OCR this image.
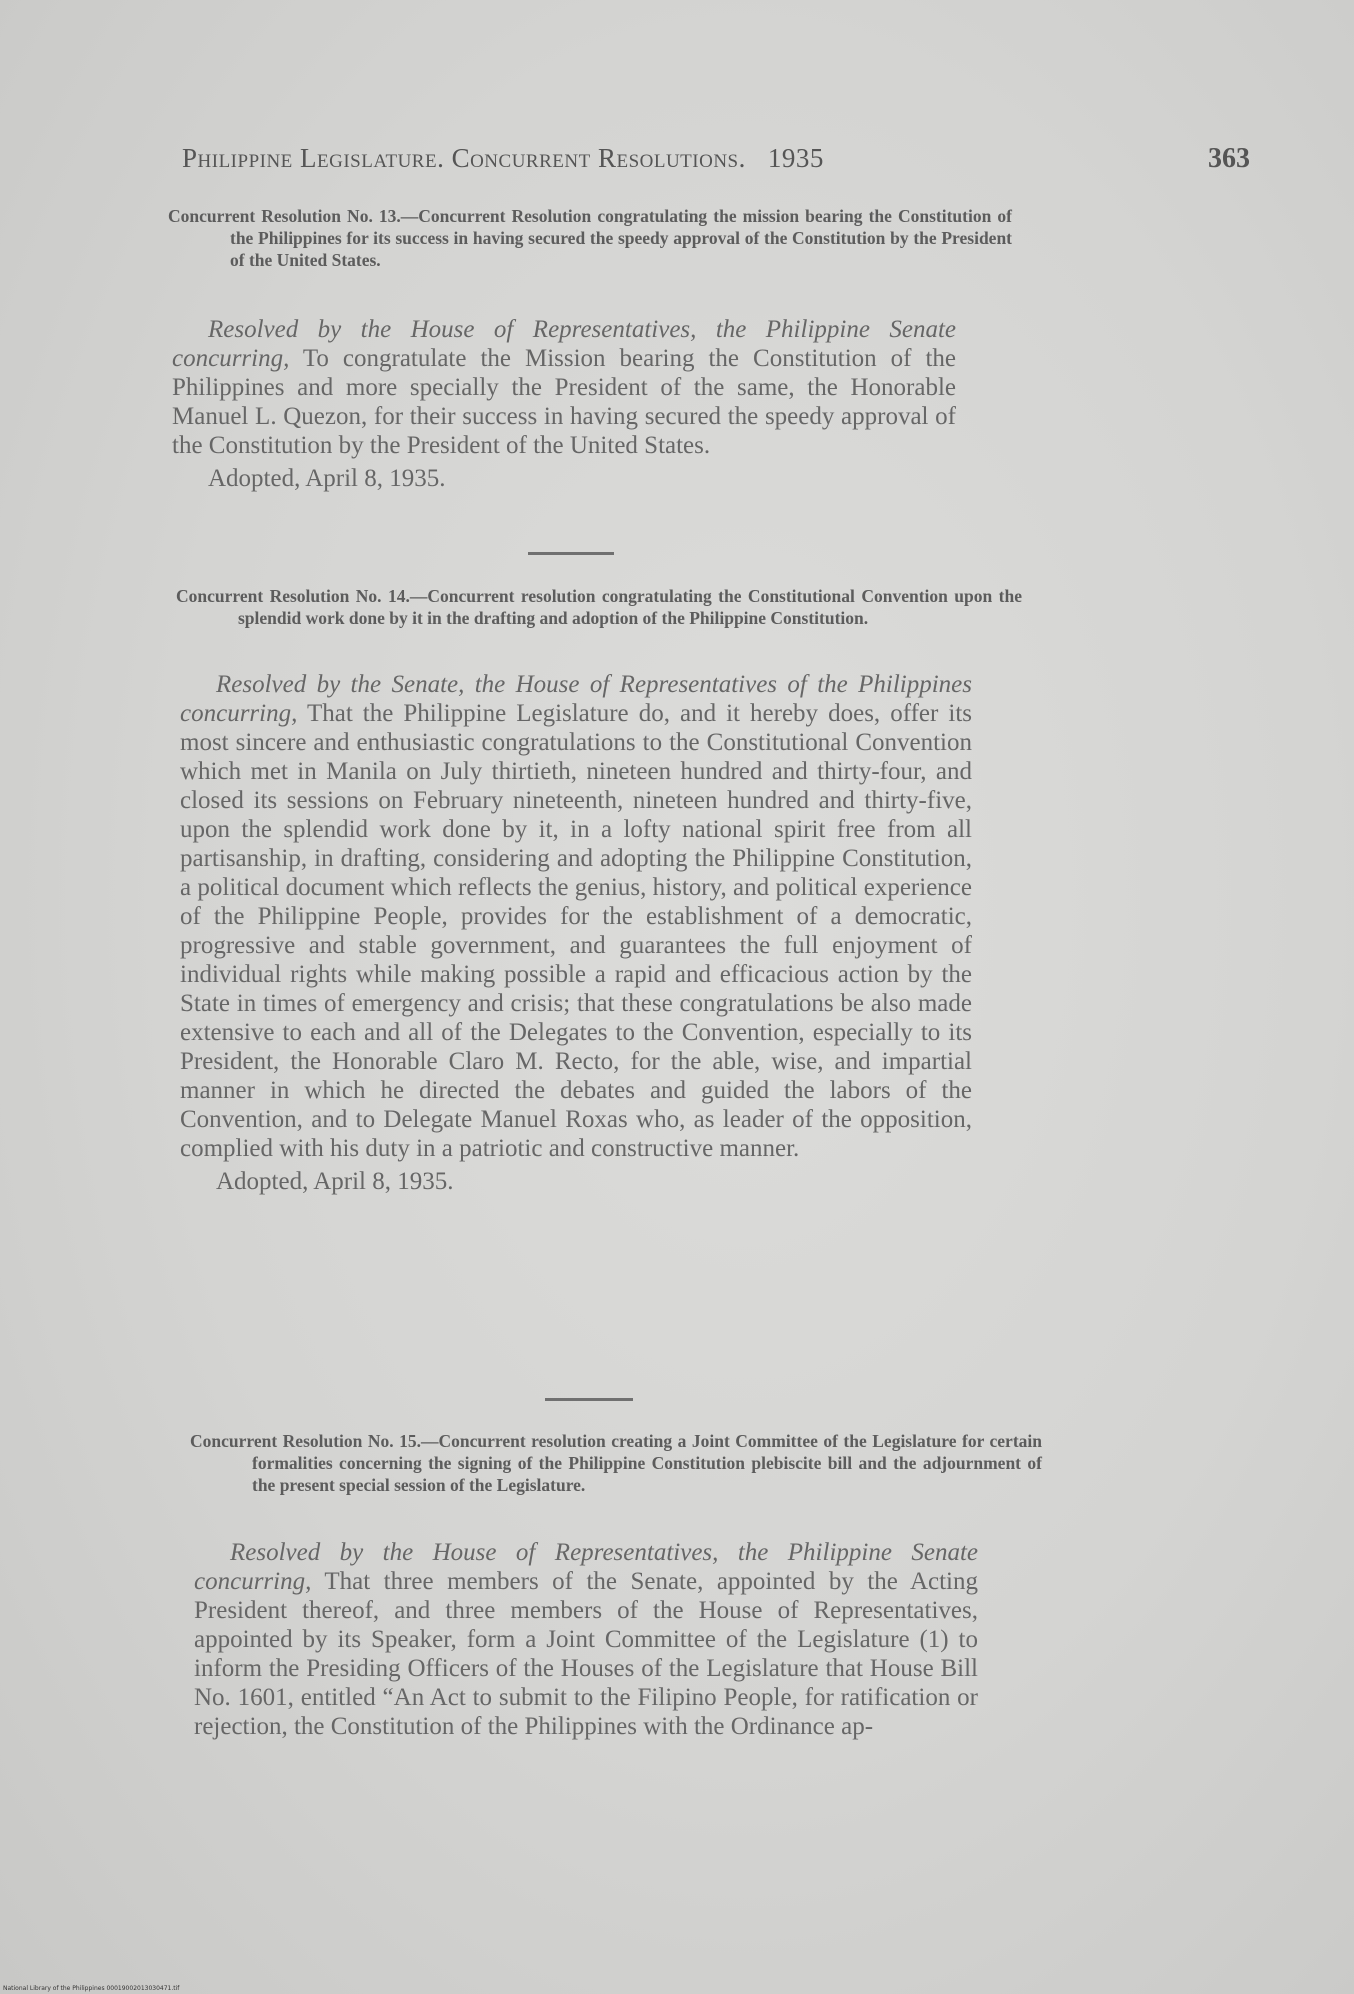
Philippine Legislature. Concurrent Resolutions. 1935	363
Concurrent Resolution No. 13.—Concurrent Resolution congratulating the mission bearing the Constitution of the Philippines for its success in having secured the speedy approval of the Constitution by the President of the United States.

Resolved by the House of Representatives, the Philippine Senate concurring, To congratulate the Mission bearing the Constitution of the Philippines and more specially the President of the same, the Honorable Manuel L. Quezon, for their success in having secured the speedy approval of the Constitution by the President of the United States.

Adopted, April 8, 1935.

Concurrent Resolution No. 14.—Concurrent resolution congratulating the Constitutional Convention upon the splendid work done by it in the drafting and adoption of the Philippine Constitution.

Resolved by the Senate, the House of Representatives of the Philippines concurring, That the Philippine Legislature do, and it hereby does, offer its most sincere and enthusiastic congratulations to the Constitutional Convention which met in Manila on July thirtieth, nineteen hundred and thirty-four, and closed its sessions on February nineteenth, nineteen hundred and thirty-five, upon the splendid work done by it, in a lofty national spirit free from all partisanship, in drafting, considering and adopting the Philippine Constitution, a political document which reflects the genius, history, and political experience of the Philippine People, provides for the establishment of a democratic, progressive and stable government, and guarantees the full enjoyment of individual rights while making possible a rapid and efficacious action by the State in times of emergency and crisis; that these congratulations be also made extensive to each and all of the Delegates to the Convention, especially to its President, the Honorable Claro M. Recto, for the able, wise, and impartial manner in which he directed the debates and guided the labors of the Convention, and to Delegate Manuel Roxas who, as leader of the opposition, complied with his duty in a patriotic and constructive manner.

Adopted, April 8, 1935.

Concurrent Resolution No. 15.—Concurrent resolution creating a Joint Committee of the Legislature for certain formalities concerning the signing of the Philippine Constitution plebiscite bill and the adjournment of the present special session of the Legislature.

Resolved by the House of Representatives, the Philippine Senate concurring, That three members of the Senate, appointed by the Acting President thereof, and three members of the House of Representatives, appointed by its Speaker, form a Joint Committee of the Legislature (1) to inform the Presiding Officers of the Houses of the Legislature that House Bill No. 1601, entitled “An Act to submit to the Filipino People, for ratification or rejection, the Constitution of the Philippines with the Ordinance ap-

National Library of the Philippines 00019002013030471.tif
